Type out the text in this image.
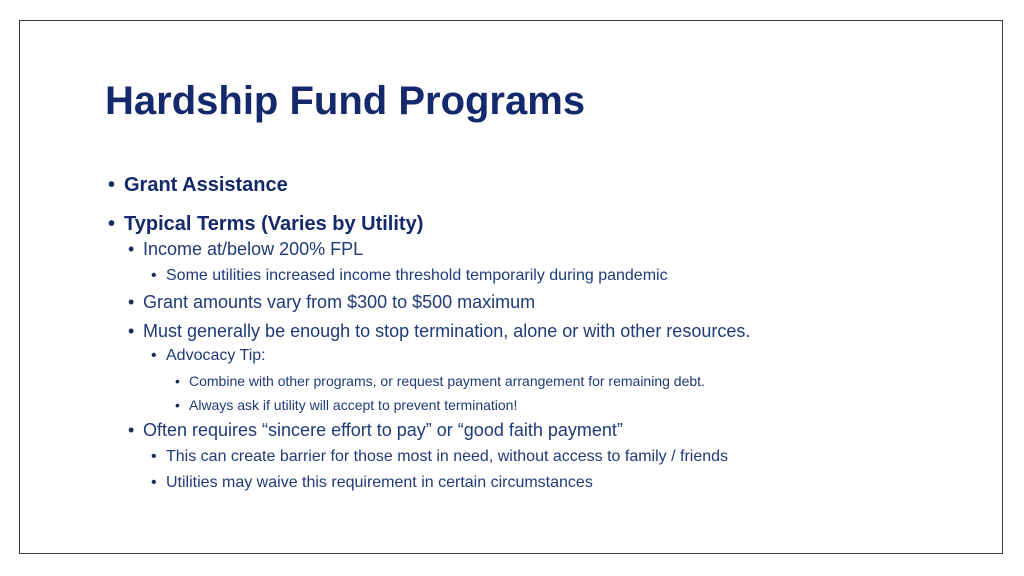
Hardship Fund Programs
• Grant Assistance
• Typical Terms (Varies by Utility)
• Income at/below 200% FPL
• Some utilities increased income threshold temporarily during pandemic
• Grant amounts vary from $300 to $500 maximum
• Must generally be enough to stop termination, alone or with other resources.
• Advocacy Tip:
• Combine with other programs, or request payment arrangement for remaining debt.
• Always ask if utility will accept to prevent termination!
• Often requires “sincere effort to pay” or “good faith payment”
• This can create barrier for those most in need, without access to family / friends
• Utilities may waive this requirement in certain circumstances
